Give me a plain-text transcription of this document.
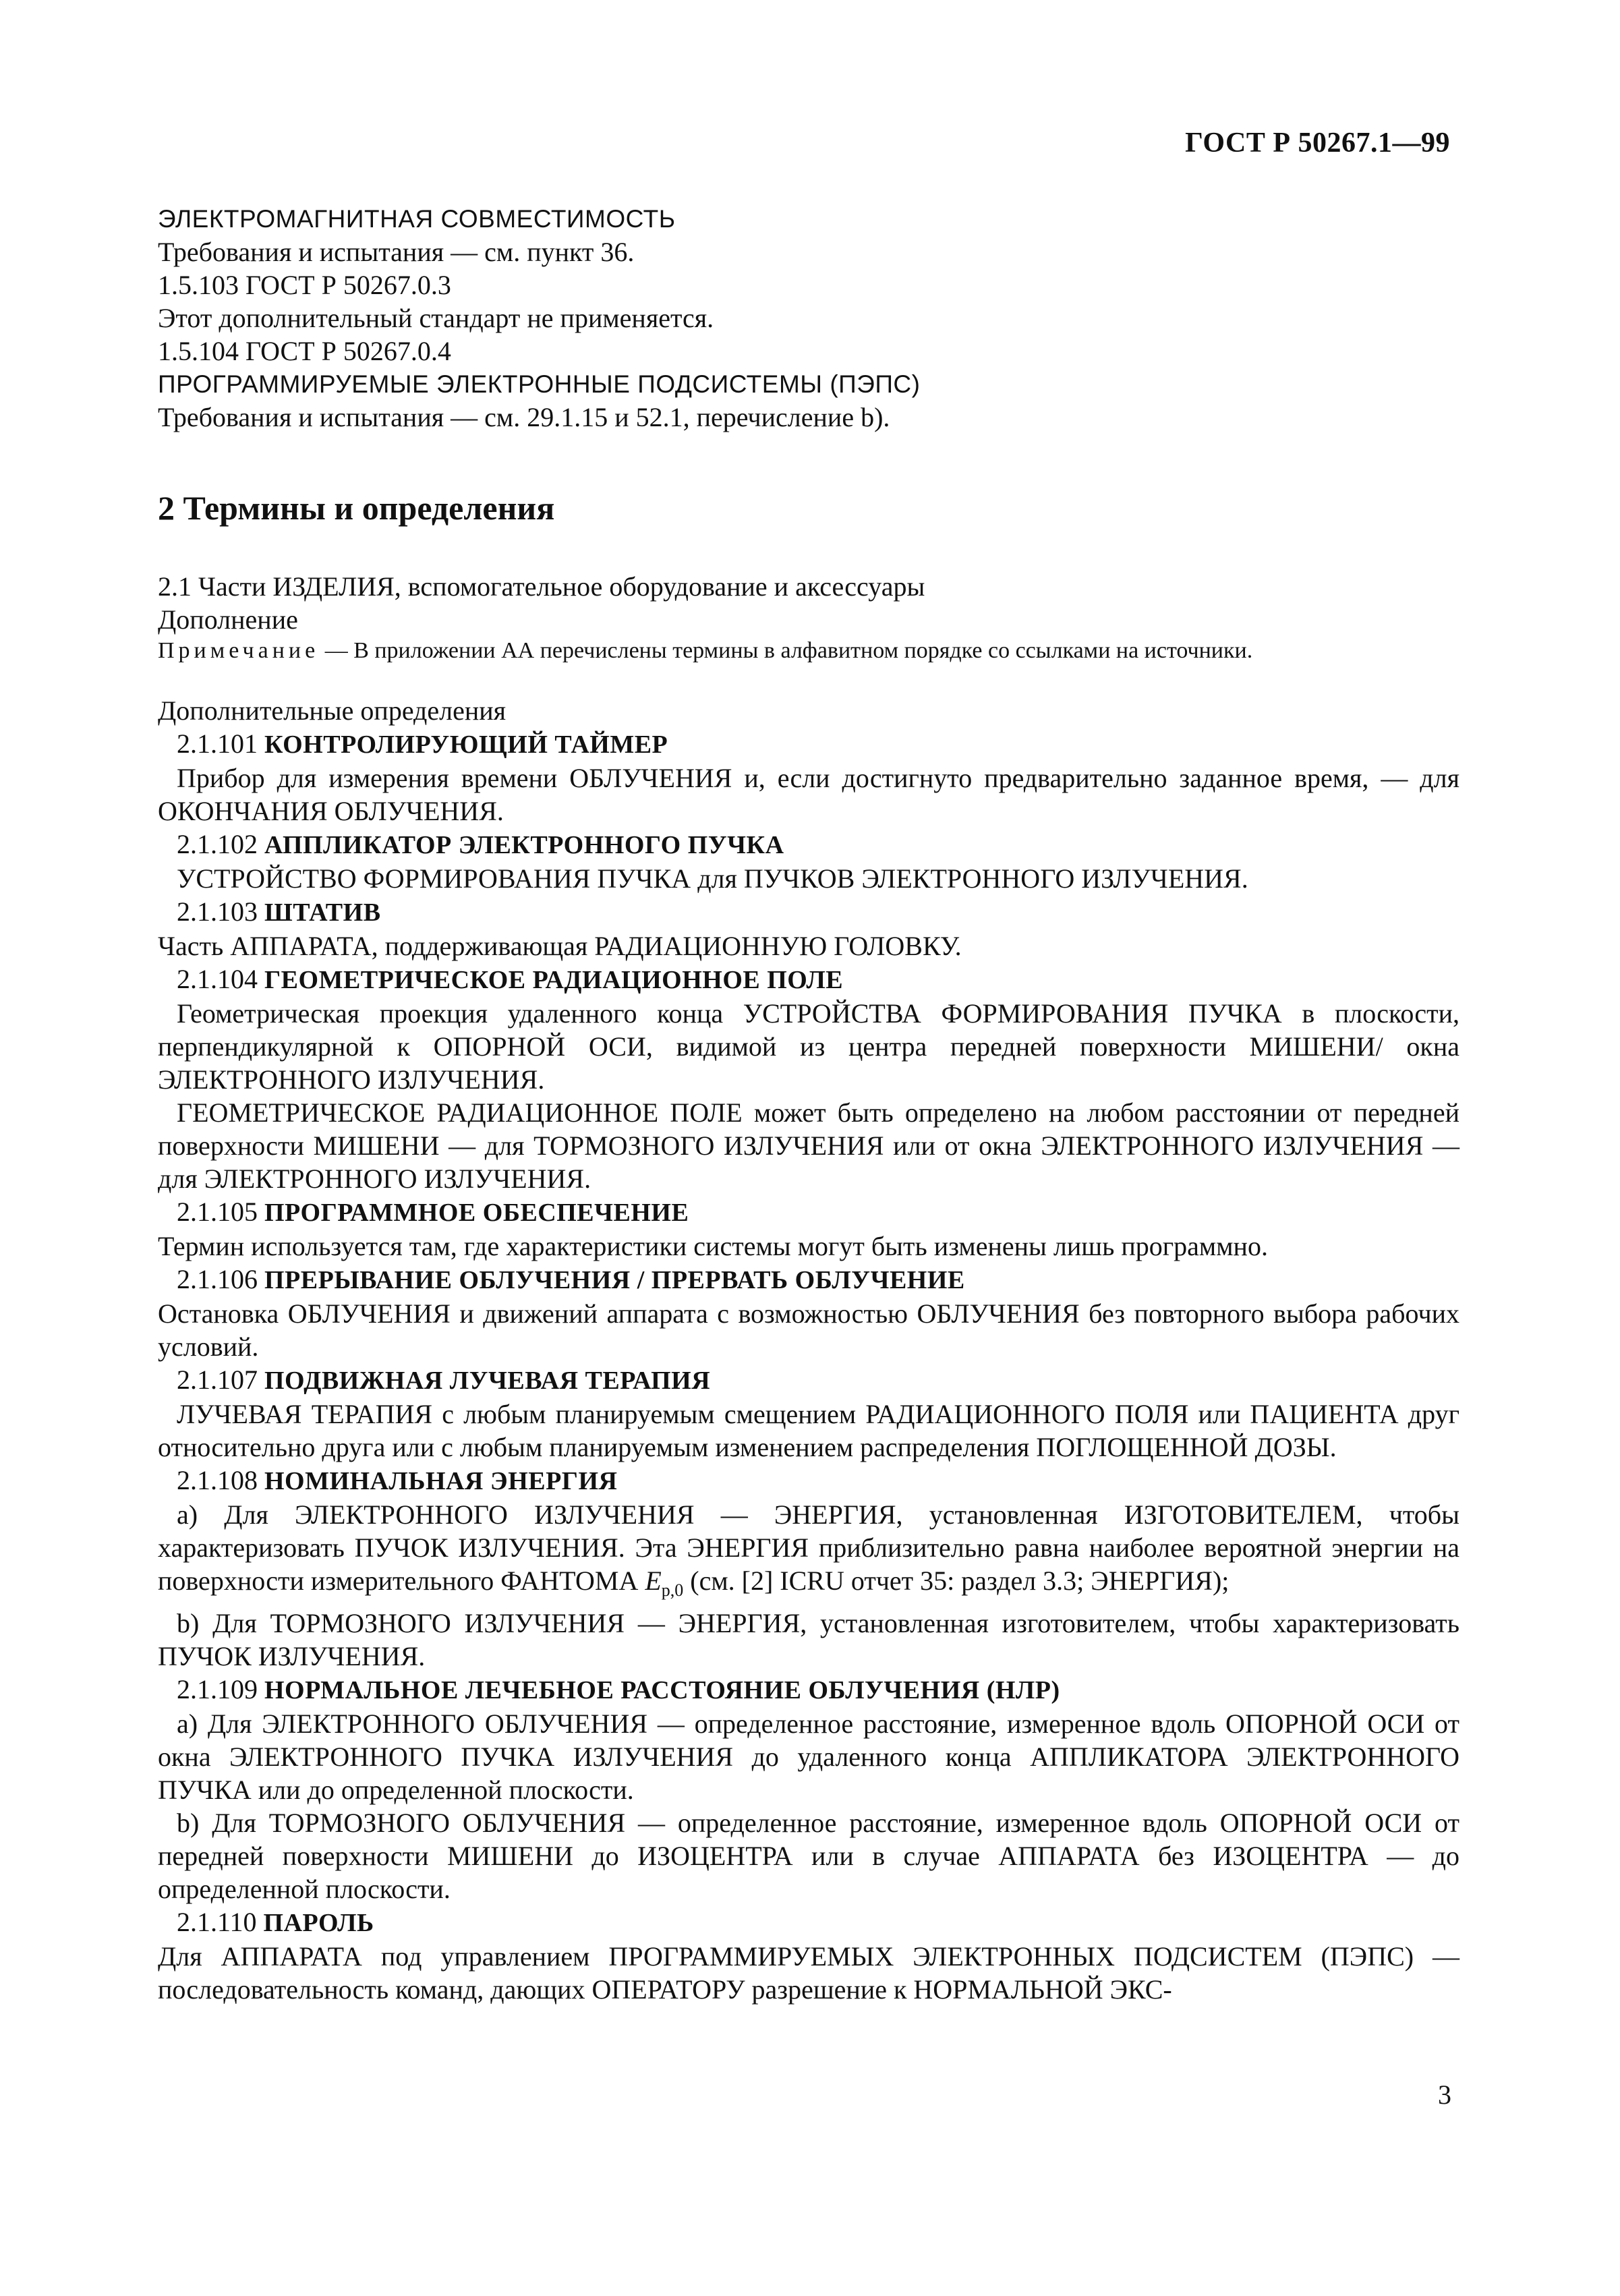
ГОСТ Р 50267.1—99

ЭЛЕКТРОМАГНИТНАЯ СОВМЕСТИМОСТЬ

Требования и испытания — см. пункт 36.

1.5.103 ГОСТ Р 50267.0.3

Этот дополнительный стандарт не применяется.

1.5.104 ГОСТ Р 50267.0.4

ПРОГРАММИРУЕМЫЕ ЭЛЕКТРОННЫЕ ПОДСИСТЕМЫ (ПЭПС)

Требования и испытания — см. 29.1.15 и 52.1, перечисление b).

2 Термины и определения

2.1 Части ИЗДЕЛИЯ, вспомогательное оборудование и аксессуары

Дополнение

Примечание — В приложении АА перечислены термины в алфавитном порядке со ссылками на источники.

Дополнительные определения

2.1.101 КОНТРОЛИРУЮЩИЙ ТАЙМЕР

Прибор для измерения времени ОБЛУЧЕНИЯ и, если достигнуто предварительно заданное время, — для ОКОНЧАНИЯ ОБЛУЧЕНИЯ.

2.1.102 АППЛИКАТОР ЭЛЕКТРОННОГО ПУЧКА

УСТРОЙСТВО ФОРМИРОВАНИЯ ПУЧКА для ПУЧКОВ ЭЛЕКТРОННОГО ИЗЛУЧЕНИЯ.

2.1.103 ШТАТИВ

Часть АППАРАТА, поддерживающая РАДИАЦИОННУЮ ГОЛОВКУ.

2.1.104 ГЕОМЕТРИЧЕСКОЕ РАДИАЦИОННОЕ ПОЛЕ

Геометрическая проекция удаленного конца УСТРОЙСТВА ФОРМИРОВАНИЯ ПУЧКА в плоскости, перпендикулярной к ОПОРНОЙ ОСИ, видимой из центра передней поверхности МИШЕНИ/ окна ЭЛЕКТРОННОГО ИЗЛУЧЕНИЯ.

ГЕОМЕТРИЧЕСКОЕ РАДИАЦИОННОЕ ПОЛЕ может быть определено на любом расстоянии от передней поверхности МИШЕНИ — для ТОРМОЗНОГО ИЗЛУЧЕНИЯ или от окна ЭЛЕКТРОННОГО ИЗЛУЧЕНИЯ — для ЭЛЕКТРОННОГО ИЗЛУЧЕНИЯ.

2.1.105 ПРОГРАММНОЕ ОБЕСПЕЧЕНИЕ

Термин используется там, где характеристики системы могут быть изменены лишь программно.

2.1.106 ПРЕРЫВАНИЕ ОБЛУЧЕНИЯ / ПРЕРВАТЬ ОБЛУЧЕНИЕ

Остановка ОБЛУЧЕНИЯ и движений аппарата с возможностью ОБЛУЧЕНИЯ без повторного выбора рабочих условий.

2.1.107 ПОДВИЖНАЯ ЛУЧЕВАЯ ТЕРАПИЯ

ЛУЧЕВАЯ ТЕРАПИЯ с любым планируемым смещением РАДИАЦИОННОГО ПОЛЯ или ПАЦИЕНТА друг относительно друга или с любым планируемым изменением распределения ПОГЛОЩЕННОЙ ДОЗЫ.

2.1.108 НОМИНАЛЬНАЯ ЭНЕРГИЯ

a) Для ЭЛЕКТРОННОГО ИЗЛУЧЕНИЯ — ЭНЕРГИЯ, установленная ИЗГОТОВИТЕЛЕМ, чтобы характеризовать ПУЧОК ИЗЛУЧЕНИЯ. Эта ЭНЕРГИЯ приблизительно равна наиболее вероятной энергии на поверхности измерительного ФАНТОМА $E_{p,0}$ (см. [2] ICRU отчет 35: раздел 3.3; ЭНЕРГИЯ);

b) Для ТОРМОЗНОГО ИЗЛУЧЕНИЯ — ЭНЕРГИЯ, установленная изготовителем, чтобы характеризовать ПУЧОК ИЗЛУЧЕНИЯ.

2.1.109 НОРМАЛЬНОЕ ЛЕЧЕБНОЕ РАССТОЯНИЕ ОБЛУЧЕНИЯ (НЛР)

a) Для ЭЛЕКТРОННОГО ОБЛУЧЕНИЯ — определенное расстояние, измеренное вдоль ОПОРНОЙ ОСИ от окна ЭЛЕКТРОННОГО ПУЧКА ИЗЛУЧЕНИЯ до удаленного конца АППЛИКАТОРА ЭЛЕКТРОННОГО ПУЧКА или до определенной плоскости.

b) Для ТОРМОЗНОГО ОБЛУЧЕНИЯ — определенное расстояние, измеренное вдоль ОПОРНОЙ ОСИ от передней поверхности МИШЕНИ до ИЗОЦЕНТРА или в случае АППАРАТА без ИЗОЦЕНТРА — до определенной плоскости.

2.1.110 ПАРОЛЬ

Для АППАРАТА под управлением ПРОГРАММИРУЕМЫХ ЭЛЕКТРОННЫХ ПОДСИСТЕМ (ПЭПС) — последовательность команд, дающих ОПЕРАТОРУ разрешение к НОРМАЛЬНОЙ ЭКС-

3
